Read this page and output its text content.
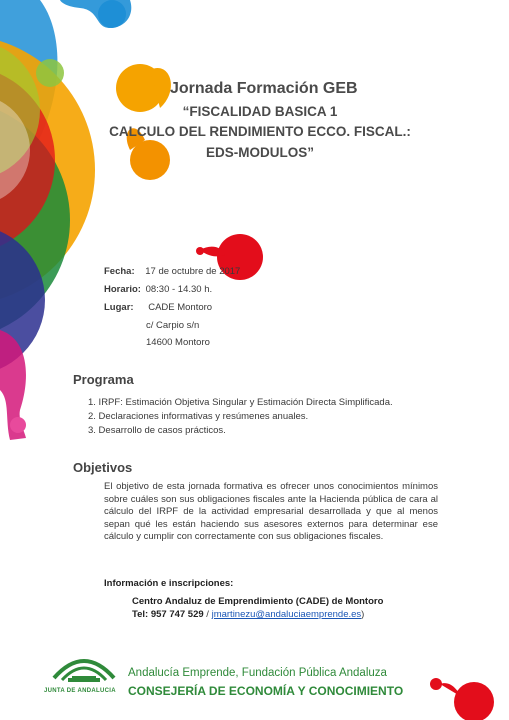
Jornada Formación GEB
“FISCALIDAD BASICA 1
CALCULO DEL RENDIMIENTO ECCO. FISCAL.:
EDS-MODULOS”
Fecha: 17 de octubre de 2017
Horario: 08:30 - 14.30 h.
Lugar: CADE Montoro
c/ Carpio s/n
14600 Montoro
Programa
1. IRPF: Estimación Objetiva Singular y Estimación Directa Simplificada.
2. Declaraciones informativas y resúmenes anuales.
3. Desarrollo de casos prácticos.
Objetivos
El objetivo de esta jornada formativa es ofrecer unos conocimientos mínimos sobre cuáles son sus obligaciones fiscales ante la Hacienda pública de cara al cálculo del IRPF de la actividad empresarial desarrollada y que al menos sepan qué les están haciendo sus asesores externos para determinar ese cálculo y cumplir con correctamente con sus obligaciones fiscales.
Información e inscripciones:
Centro Andaluz de Emprendimiento (CADE) de Montoro
Tel: 957 747 529 / jmartinezu@andaluciaemprende.es)
JUNTA DE ANDALUCIA
Andalucía Emprende, Fundación Pública Andaluza
CONSEJERÍA DE ECONOMÍA Y CONOCIMIENTO
